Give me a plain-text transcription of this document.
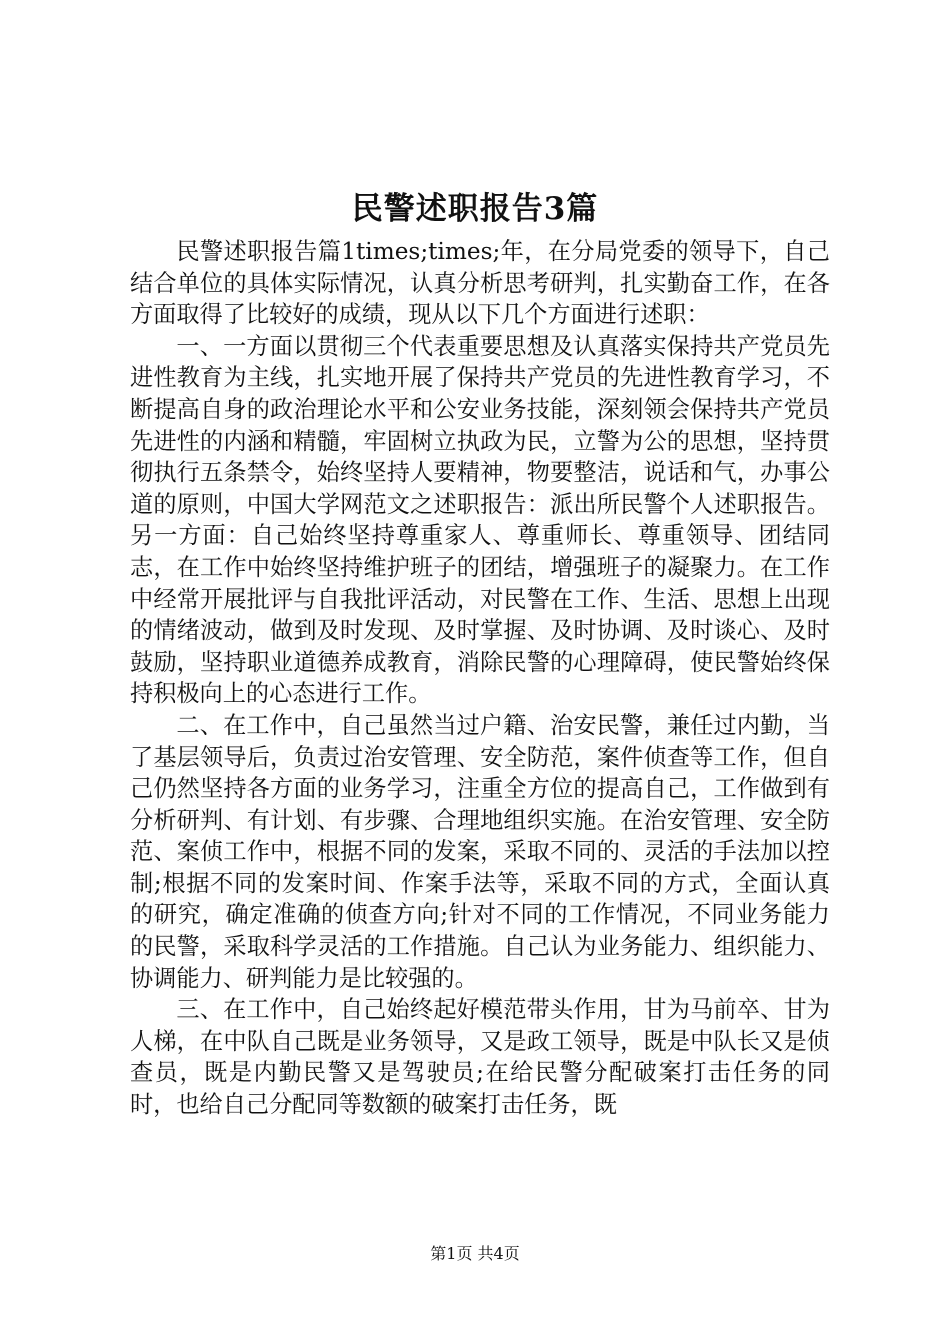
民警述职报告3篇

民警述职报告篇1times;times;年，在分局党委的领导下，自己结合单位的具体实际情况，认真分析思考研判，扎实勤奋工作，在各方面取得了比较好的成绩，现从以下几个方面进行述职：

一、一方面以贯彻三个代表重要思想及认真落实保持共产党员先进性教育为主线，扎实地开展了保持共产党员的先进性教育学习，不断提高自身的政治理论水平和公安业务技能，深刻领会保持共产党员先进性的内涵和精髓，牢固树立执政为民，立警为公的思想，坚持贯彻执行五条禁令，始终坚持人要精神，物要整洁，说话和气，办事公道的原则，中国大学网范文之述职报告：派出所民警个人述职报告。另一方面：自己始终坚持尊重家人、尊重师长、尊重领导、团结同志，在工作中始终坚持维护班子的团结，增强班子的凝聚力。在工作中经常开展批评与自我批评活动，对民警在工作、生活、思想上出现的情绪波动，做到及时发现、及时掌握、及时协调、及时谈心、及时鼓励，坚持职业道德养成教育，消除民警的心理障碍，使民警始终保持积极向上的心态进行工作。

二、在工作中，自己虽然当过户籍、治安民警，兼任过内勤，当了基层领导后，负责过治安管理、安全防范，案件侦查等工作，但自己仍然坚持各方面的业务学习，注重全方位的提高自己，工作做到有分析研判、有计划、有步骤、合理地组织实施。在治安管理、安全防范、案侦工作中，根据不同的发案，采取不同的、灵活的手法加以控制;根据不同的发案时间、作案手法等，采取不同的方式，全面认真的研究，确定准确的侦查方向;针对不同的工作情况，不同业务能力的民警，采取科学灵活的工作措施。自己认为业务能力、组织能力、协调能力、研判能力是比较强的。

三、在工作中，自己始终起好模范带头作用，甘为马前卒、甘为人梯，在中队自己既是业务领导，又是政工领导，既是中队长又是侦查员，既是内勤民警又是驾驶员;在给民警分配破案打击任务的同时，也给自己分配同等数额的破案打击任务，既

第1页 共4页
